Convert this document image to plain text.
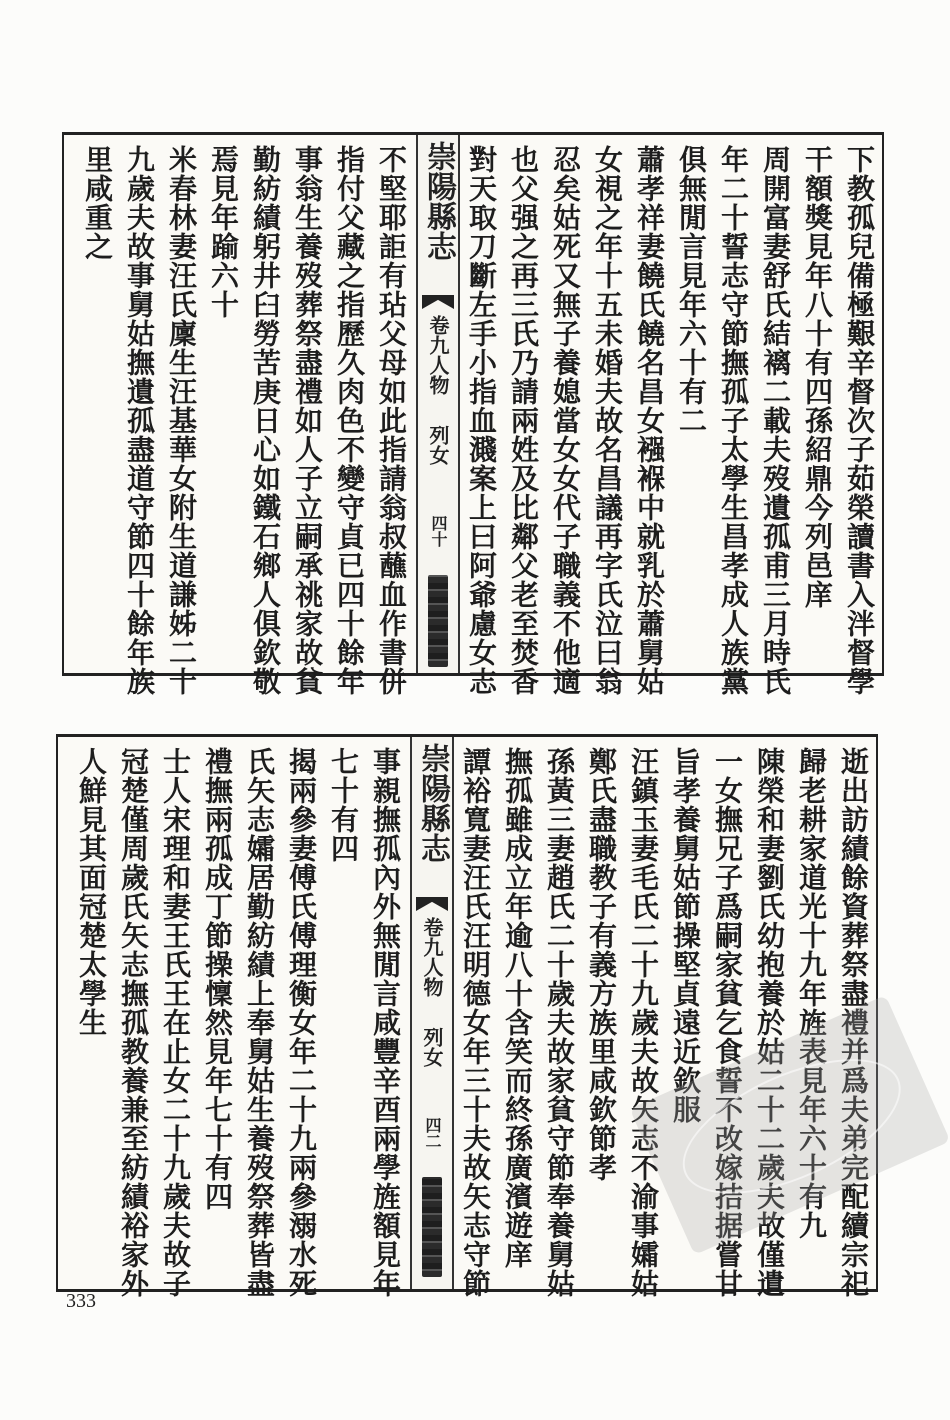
下教孤兒備極艱辛督次子茹榮讀書入泮督學
干額獎見年八十有四孫紹鼎今列邑庠
周開富妻舒氏結褵二載夫歿遺孤甫三月時氏
年二十誓志守節撫孤子太學生昌孝成人族黨
俱無閒言見年六十有二
蕭孝祥妻饒氏饒名昌女襁褓中就乳於蕭舅姑
女視之年十五未婚夫故名昌議再字氏泣曰翁
忍矣姑死又無子養媳當女女代子職義不他適
也父强之再三氏乃請兩姓及比鄰父老至焚香
對天取刀斷左手小指血濺案上曰阿爺慮女志
崇陽縣志
卷九人物
列女
四十
不堅耶詎有玷父母如此指請翁叔蘸血作書併
指付父藏之指歷久肉色不變守貞已四十餘年
事翁生養歿葬祭盡禮如人子立嗣承祧家故貧
勤紡績躬井臼勞苦庚日心如鐵石鄉人俱欽敬
焉見年踰六十
米春林妻汪氏廩生汪基華女附生道謙姊二十
九歲夫故事舅姑撫遺孤盡道守節四十餘年族
里咸重之
逝出訪績餘資葬祭盡禮并爲夫弟完配續宗祀
歸老耕家道光十九年旌表見年六十有九
陳榮和妻劉氏幼抱養於姑二十二歲夫故僅遺
一女撫兄子爲嗣家貧乞食誓不改嫁拮据嘗甘
旨孝養舅姑節操堅貞遠近欽服
汪鎮玉妻毛氏二十九歲夫故矢志不渝事孀姑
鄭氏盡職教子有義方族里咸欽節孝
孫黃三妻趙氏二十歲夫故家貧守節奉養舅姑
撫孤雖成立年逾八十含笑而終孫廣濱遊庠
譚裕寬妻汪氏汪明德女年三十夫故矢志守節
崇陽縣志
卷九人物
列女
四二
事親撫孤內外無閒言咸豐辛酉兩學旌額見年
七十有四
揭兩參妻傅氏傅理衡女年二十九兩參溺水死
氏矢志孀居勤紡績上奉舅姑生養歿祭葬皆盡
禮撫兩孤成丁節操懍然見年七十有四
士人宋理和妻王氏王在止女二十九歲夫故子
冠楚僅周歲氏矢志撫孤教養兼至紡績裕家外
人鮮見其面冠楚太學生
333
